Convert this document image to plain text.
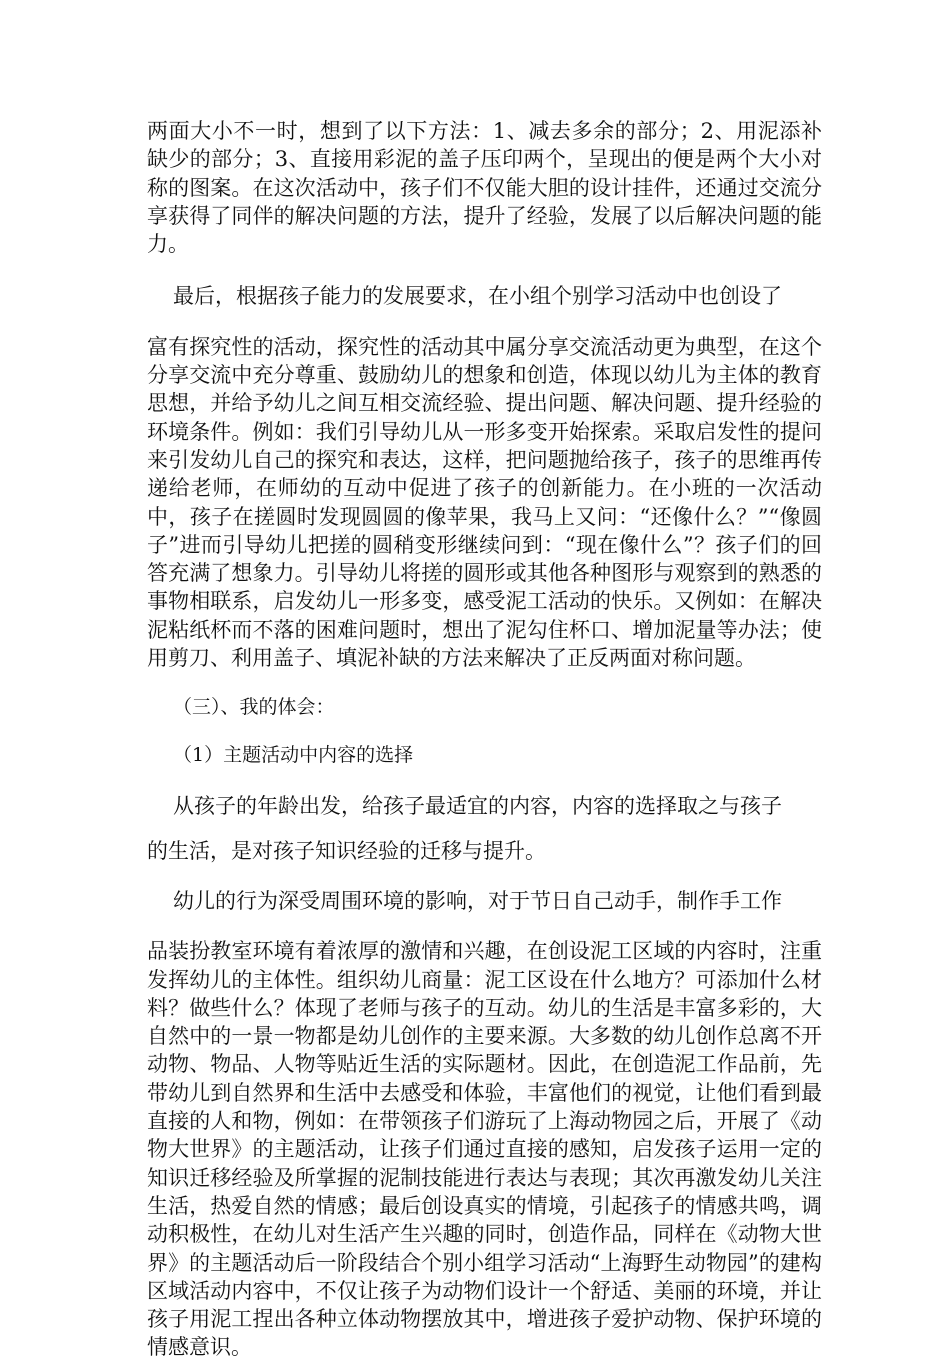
两面大小不一时，想到了以下方法：1、减去多余的部分；2、用泥添补缺少的部分；3、直接用彩泥的盖子压印两个，呈现出的便是两个大小对称的图案。在这次活动中，孩子们不仅能大胆的设计挂件，还通过交流分享获得了同伴的解决问题的方法，提升了经验，发展了以后解决问题的能力。

最后，根据孩子能力的发展要求，在小组个别学习活动中也创设了

富有探究性的活动，探究性的活动其中属分享交流活动更为典型，在这个分享交流中充分尊重、鼓励幼儿的想象和创造，体现以幼儿为主体的教育思想，并给予幼儿之间互相交流经验、提出问题、解决问题、提升经验的环境条件。例如：我们引导幼儿从一形多变开始探索。采取启发性的提问来引发幼儿自己的探究和表达，这样，把问题抛给孩子，孩子的思维再传递给老师，在师幼的互动中促进了孩子的创新能力。在小班的一次活动中，孩子在搓圆时发现圆圆的像苹果，我马上又问：“还像什么？”“像圆子”进而引导幼儿把搓的圆稍变形继续问到：“现在像什么”？孩子们的回答充满了想象力。引导幼儿将搓的圆形或其他各种图形与观察到的熟悉的事物相联系，启发幼儿一形多变，感受泥工活动的快乐。又例如：在解决泥粘纸杯而不落的困难问题时，想出了泥勾住杯口、增加泥量等办法；使用剪刀、利用盖子、填泥补缺的方法来解决了正反两面对称问题。

（三）、我的体会：

（1）主题活动中内容的选择

从孩子的年龄出发，给孩子最适宜的内容，内容的选择取之与孩子

的生活，是对孩子知识经验的迁移与提升。

幼儿的行为深受周围环境的影响，对于节日自己动手，制作手工作

品装扮教室环境有着浓厚的激情和兴趣，在创设泥工区域的内容时，注重发挥幼儿的主体性。组织幼儿商量：泥工区设在什么地方？可添加什么材料？做些什么？体现了老师与孩子的互动。幼儿的生活是丰富多彩的，大自然中的一景一物都是幼儿创作的主要来源。大多数的幼儿创作总离不开动物、物品、人物等贴近生活的实际题材。因此，在创造泥工作品前，先带幼儿到自然界和生活中去感受和体验，丰富他们的视觉，让他们看到最直接的人和物，例如：在带领孩子们游玩了上海动物园之后，开展了《动物大世界》的主题活动，让孩子们通过直接的感知，启发孩子运用一定的知识迁移经验及所掌握的泥制技能进行表达与表现；其次再激发幼儿关注生活，热爱自然的情感；最后创设真实的情境，引起孩子的情感共鸣，调动积极性，在幼儿对生活产生兴趣的同时，创造作品，同样在《动物大世界》的主题活动后一阶段结合个别小组学习活动“上海野生动物园”的建构区域活动内容中，不仅让孩子为动物们设计一个舒适、美丽的环境，并让孩子用泥工捏出各种立体动物摆放其中，增进孩子爱护动物、保护环境的情感意识。
